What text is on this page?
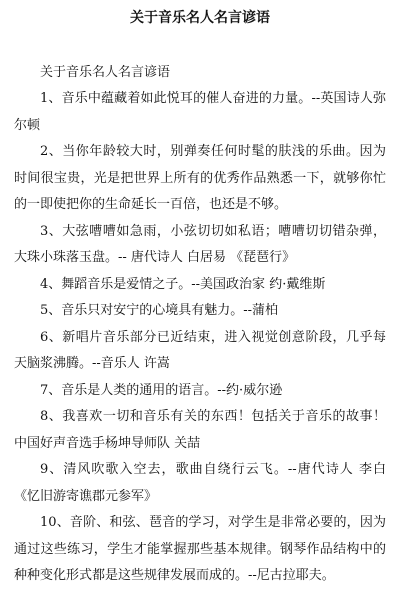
关于音乐名人名言谚语

关于音乐名人名言谚语

1、音乐中蕴藏着如此悦耳的催人奋进的力量。--英国诗人弥尔顿

2、当你年龄较大时，别弹奏任何时髦的肤浅的乐曲。因为时间很宝贵，光是把世界上所有的优秀作品熟悉一下，就够你忙的一即使把你的生命延长一百倍，也还是不够。

3、大弦嘈嘈如急雨，小弦切切如私语；嘈嘈切切错杂弹，大珠小珠落玉盘。-- 唐代诗人 白居易 《琵琶行》

4、舞蹈音乐是爱情之子。--美国政治家 约·戴维斯

5、音乐只对安宁的心境具有魅力。--蒲柏

6、新唱片音乐部分已近结束，进入视觉创意阶段，几乎每天脑浆沸腾。--音乐人 许嵩

7、音乐是人类的通用的语言。--约·威尔逊

8、我喜欢一切和音乐有关的东西！包括关于音乐的故事！中国好声音选手杨坤导师队 关喆

9、清风吹歌入空去，歌曲自绕行云飞。--唐代诗人 李白《忆旧游寄谯郡元参军》

10、音阶、和弦、琶音的学习，对学生是非常必要的，因为通过这些练习，学生才能掌握那些基本规律。钢琴作品结构中的种种变化形式都是这些规律发展而成的。--尼古拉耶夫。
